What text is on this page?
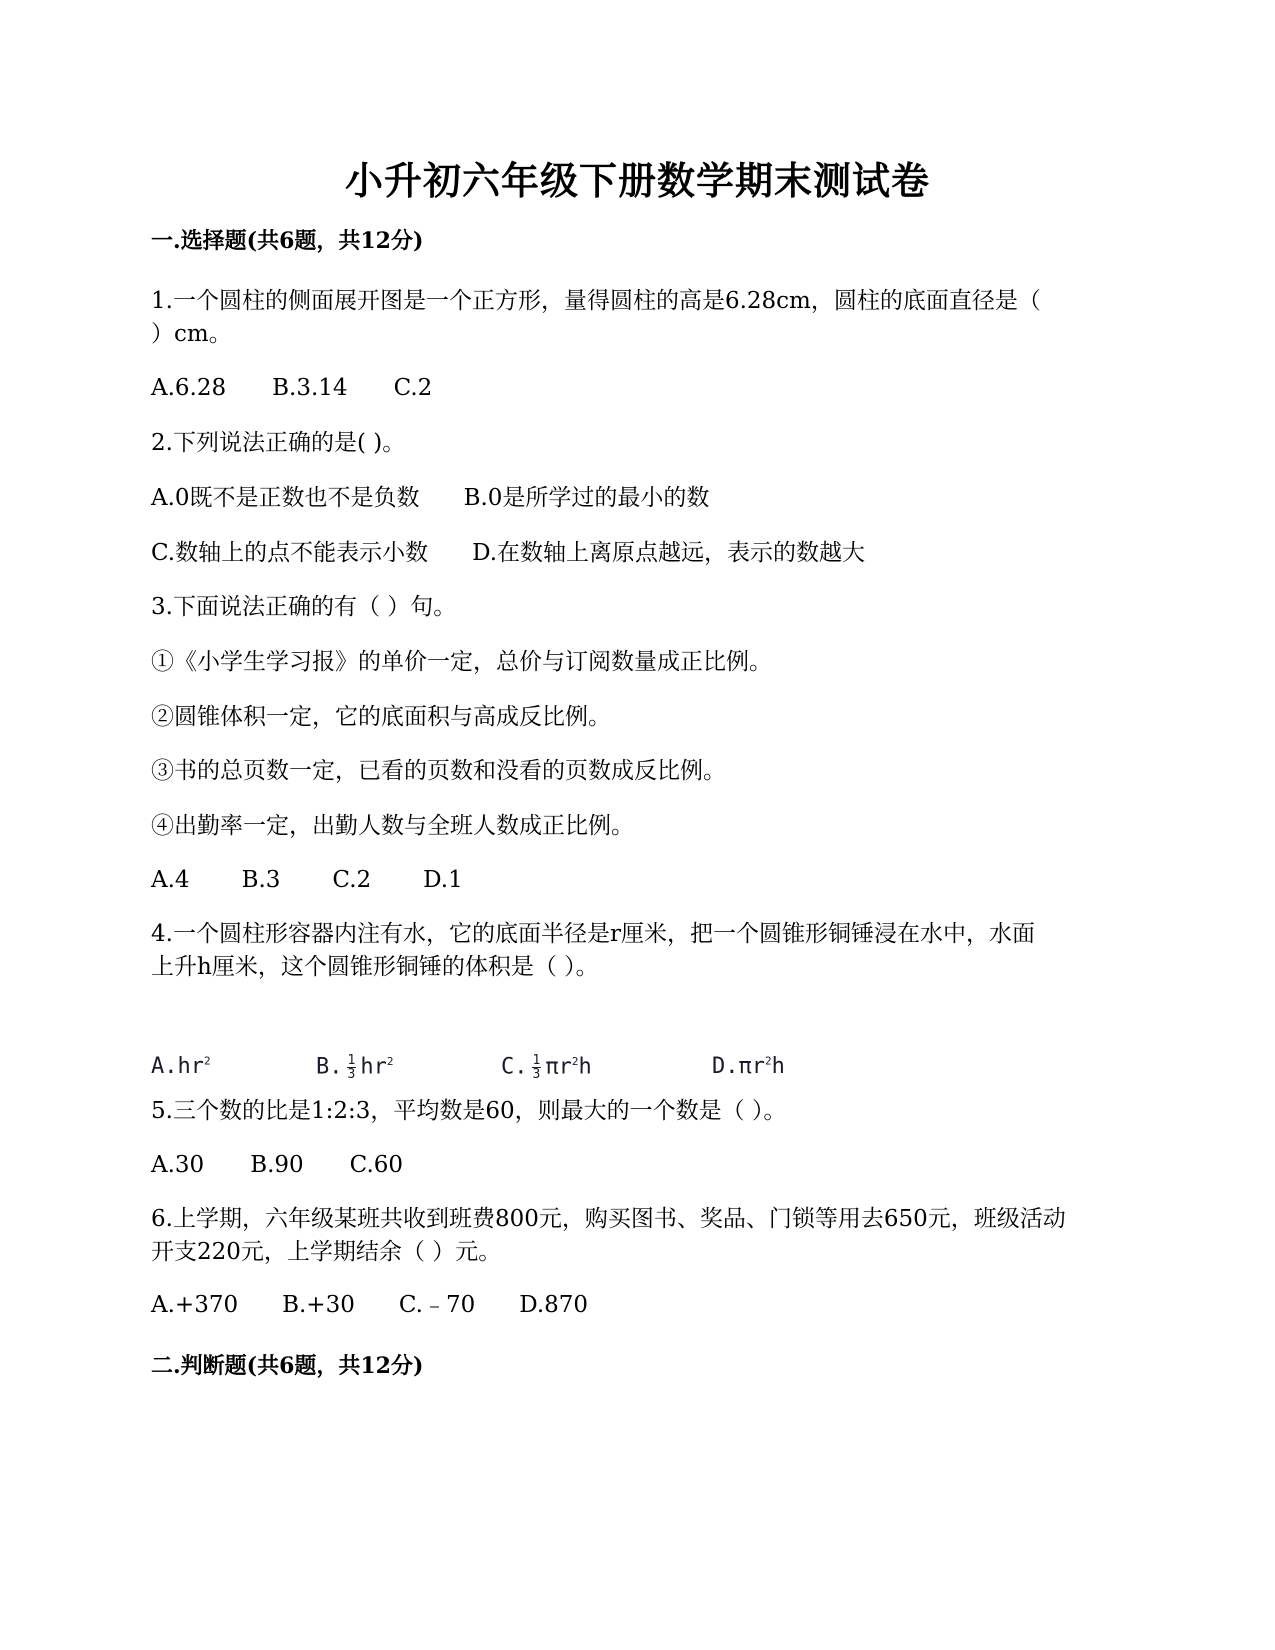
小升初六年级下册数学期末测试卷
一.选择题(共6题，共12分)
1.一个圆柱的侧面展开图是一个正方形，量得圆柱的高是6.28cm，圆柱的底面直径是（
）cm。
A.6.28 B.3.14 C.2
2.下列说法正确的是( )。
A.0既不是正数也不是负数 B.0是所学过的最小的数
C.数轴上的点不能表示小数 D.在数轴上离原点越远，表示的数越大
3.下面说法正确的有（ ）句。
①《小学生学习报》的单价一定，总价与订阅数量成正比例。
②圆锥体积一定，它的底面积与高成反比例。
③书的总页数一定，已看的页数和没看的页数成反比例。
④出勤率一定，出勤人数与全班人数成正比例。
A.4 B.3 C.2 D.1
4.一个圆柱形容器内注有水，它的底面半径是r厘米，把一个圆锥形铜锤浸在水中，水面
上升h厘米，这个圆锥形铜锤的体积是（ ）。
$A.hr^2$	B. $\frac{1}{3} hr^2$	C. $\frac{1}{3} \pi r^2h$	$D.\pi r^2h$
5.三个数的比是1:2:3，平均数是60，则最大的一个数是（ ）。
A.30 B.90 C.60
6.上学期，六年级某班共收到班费800元，购买图书、奖品、门锁等用去650元，班级活动
开支220元，上学期结余（ ）元。
A.+370 B.+30 C.﹣70 D.870
二.判断题(共6题，共12分)
